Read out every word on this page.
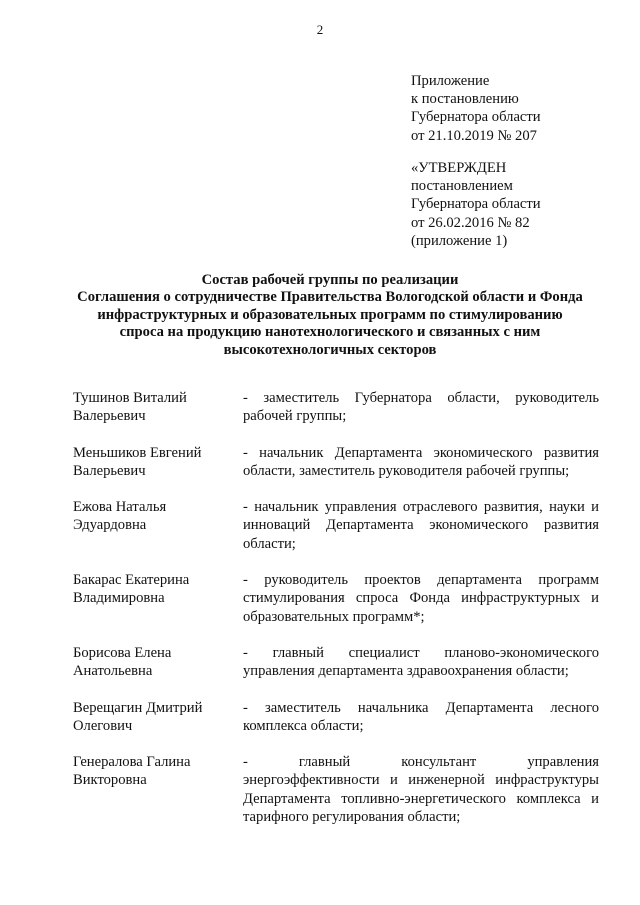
2
Приложение
к постановлению
Губернатора области
от 21.10.2019 № 207
«УТВЕРЖДЕН
постановлением
Губернатора области
от 26.02.2016 № 82
(приложение 1)
Состав рабочей группы по реализации
Соглашения о сотрудничестве Правительства Вологодской области и Фонда
инфраструктурных и образовательных программ по стимулированию
спроса на продукцию нанотехнологического и связанных с ним
высокотехнологичных секторов
Тушинов Виталий
Валерьевич
- заместитель Губернатора области, руководитель рабочей группы;
Меньшиков Евгений
Валерьевич
- начальник Департамента экономического развития области, заместитель руководителя рабочей группы;
Ежова Наталья
Эдуардовна
- начальник управления отраслевого развития, науки и инноваций Департамента экономического развития области;
Бакарас Екатерина
Владимировна
- руководитель проектов департамента программ стимулирования спроса Фонда инфраструктурных и образовательных программ*;
Борисова Елена
Анатольевна
- главный специалист планово-экономического управления департамента здравоохранения области;
Верещагин Дмитрий
Олегович
- заместитель начальника Департамента лесного комплекса области;
Генералова Галина
Викторовна
- главный консультант управления
энергоэффективности и инженерной инфраструктуры Департамента топливно-энергетического комплекса и тарифного регулирования области;
